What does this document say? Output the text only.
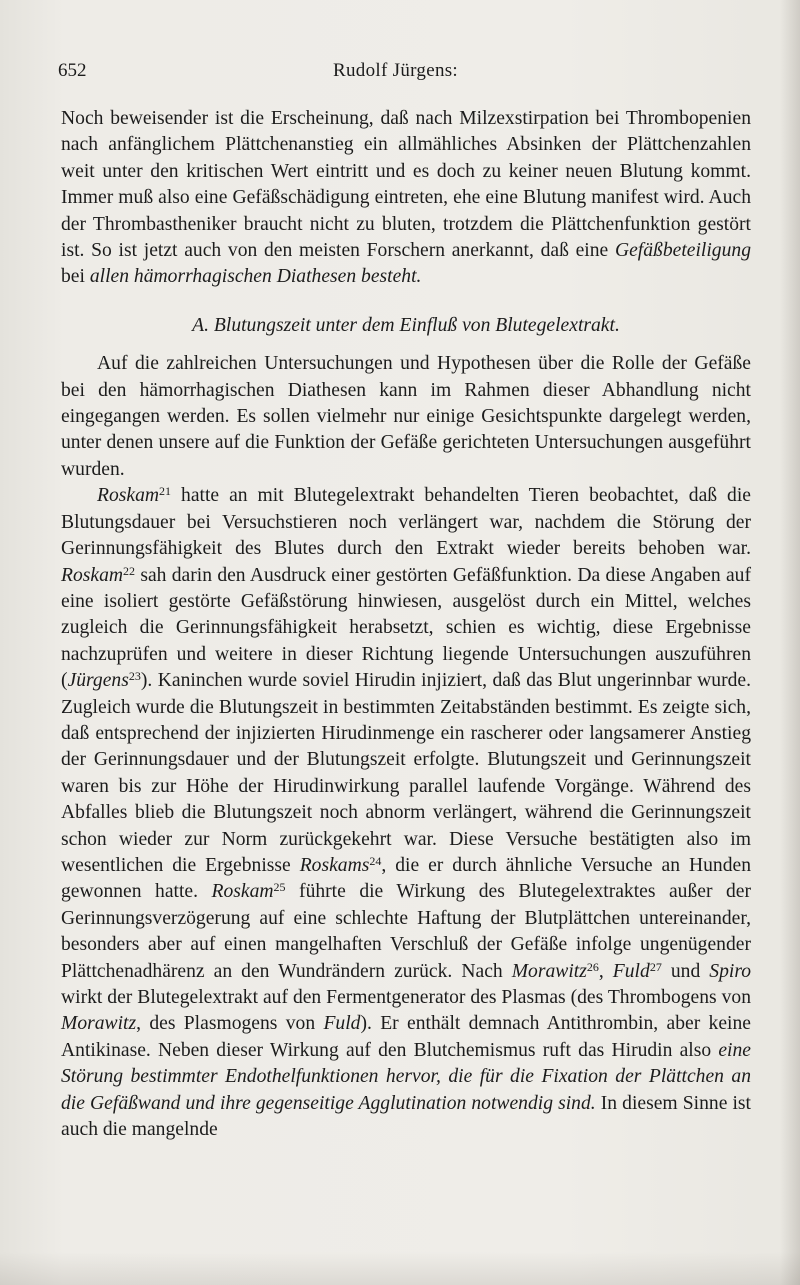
652	Rudolf Jürgens:

Noch beweisender ist die Erscheinung, daß nach Milzexstirpation bei Thrombopenien nach anfänglichem Plättchenanstieg ein allmähliches Absinken der Plättchenzahlen weit unter den kritischen Wert eintritt und es doch zu keiner neuen Blutung kommt. Immer muß also eine Gefäßschädigung eintreten, ehe eine Blutung manifest wird. Auch der Thrombastheniker braucht nicht zu bluten, trotzdem die Plättchenfunktion gestört ist. So ist jetzt auch von den meisten Forschern anerkannt, daß eine Gefäßbeteiligung bei allen hämorrhagischen Diathesen besteht.

A. Blutungszeit unter dem Einfluß von Blutegelextrakt.

Auf die zahlreichen Untersuchungen und Hypothesen über die Rolle der Gefäße bei den hämorrhagischen Diathesen kann im Rahmen dieser Abhandlung nicht eingegangen werden. Es sollen vielmehr nur einige Gesichtspunkte dargelegt werden, unter denen unsere auf die Funktion der Gefäße gerichteten Untersuchungen ausgeführt wurden.

Roskam$^{21}$ hatte an mit Blutegelextrakt behandelten Tieren beobachtet, daß die Blutungsdauer bei Versuchstieren noch verlängert war, nachdem die Störung der Gerinnungsfähigkeit des Blutes durch den Extrakt wieder bereits behoben war. Roskam$^{22}$ sah darin den Ausdruck einer gestörten Gefäßfunktion. Da diese Angaben auf eine isoliert gestörte Gefäßstörung hinwiesen, ausgelöst durch ein Mittel, welches zugleich die Gerinnungsfähigkeit herabsetzt, schien es wichtig, diese Ergebnisse nachzuprüfen und weitere in dieser Richtung liegende Untersuchungen auszuführen (Jürgens$^{23}$). Kaninchen wurde soviel Hirudin injiziert, daß das Blut ungerinnbar wurde. Zugleich wurde die Blutungszeit in bestimmten Zeitabständen bestimmt. Es zeigte sich, daß entsprechend der injizierten Hirudinmenge ein rascherer oder langsamerer Anstieg der Gerinnungsdauer und der Blutungszeit erfolgte. Blutungszeit und Gerinnungszeit waren bis zur Höhe der Hirudinwirkung parallel laufende Vorgänge. Während des Abfalles blieb die Blutungszeit noch abnorm verlängert, während die Gerinnungszeit schon wieder zur Norm zurückgekehrt war. Diese Versuche bestätigten also im wesentlichen die Ergebnisse Roskams$^{24}$, die er durch ähnliche Versuche an Hunden gewonnen hatte. Roskam$^{25}$ führte die Wirkung des Blutegelextraktes außer der Gerinnungsverzögerung auf eine schlechte Haftung der Blutplättchen untereinander, besonders aber auf einen mangelhaften Verschluß der Gefäße infolge ungenügender Plättchenadhärenz an den Wundrändern zurück. Nach Morawitz$^{26}$, Fuld$^{27}$ und Spiro wirkt der Blutegelextrakt auf den Fermentgenerator des Plasmas (des Thrombogens von Morawitz, des Plasmogens von Fuld). Er enthält demnach Antithrombin, aber keine Antikinase. Neben dieser Wirkung auf den Blutchemismus ruft das Hirudin also eine Störung bestimmter Endothelfunktionen hervor, die für die Fixation der Plättchen an die Gefäßwand und ihre gegenseitige Agglutination notwendig sind. In diesem Sinne ist auch die mangelnde
